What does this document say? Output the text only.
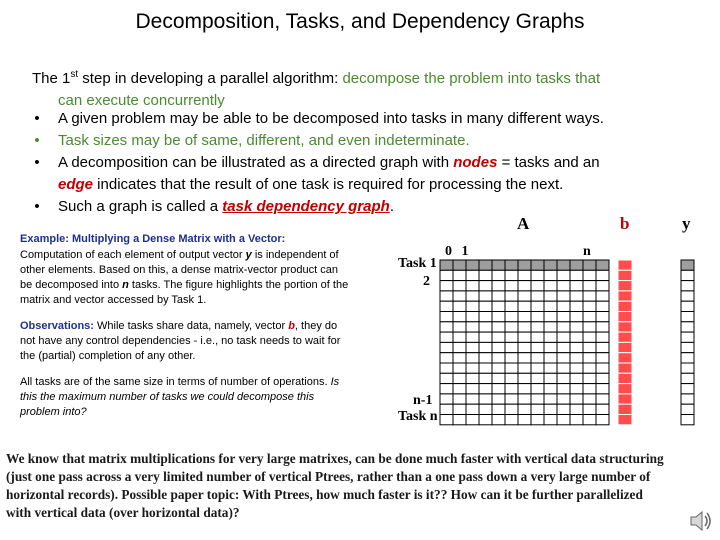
Decomposition, Tasks, and Dependency Graphs
The 1st step in developing a parallel algorithm: decompose the problem into tasks that
can execute concurrently
• A given problem may be able to be decomposed into tasks in many different ways.
• Task sizes may be of same, different, and even indeterminate.
• A decomposition can be illustrated as a directed graph with nodes = tasks and an
edge indicates that the result of one task is required for processing the next.
• Such a graph is called a task dependency graph.
Example: Multiplying a Dense Matrix with a Vector:
Computation of each element of output vector y is independent of
other elements. Based on this, a dense matrix-vector product can
be decomposed into n tasks. The figure highlights the portion of the
matrix and vector accessed by Task 1.
Observations: While tasks share data, namely, vector b, they do
not have any control dependencies - i.e., no task needs to wait for
the (partial) completion of any other.
All tasks are of the same size in terms of number of operations. Is
this the maximum number of tasks we could decompose this
problem into?
A	b	y
0 1	n
Task 1
2
n-1
Task n
We know that matrix multiplications for very large matrixes, can be done much faster with vertical data structuring
(just one pass across a very limited number of vertical Ptrees, rather than a one pass down a very large number of
horizontal records). Possible paper topic: With Ptrees, how much faster is it?? How can it be further parallelized
with vertical data (over horizontal data)?
